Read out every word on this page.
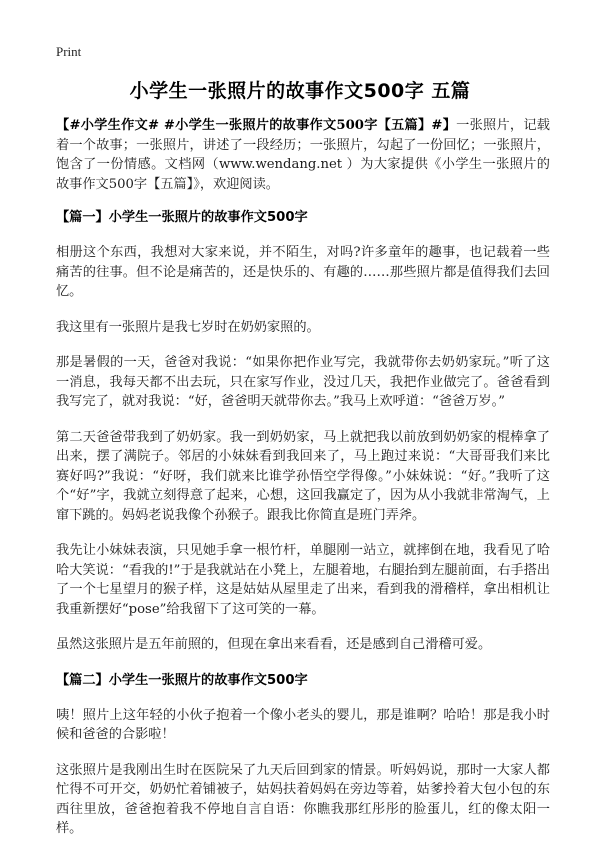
Print
小学生一张照片的故事作文500字 五篇

【#小学生作文# #小学生一张照片的故事作文500字【五篇】#】一张照片，记载着一个故事；一张照片，讲述了一段经历；一张照片，勾起了一份回忆；一张照片，饱含了一份情感。文档网（www.wendang.net ）为大家提供《小学生一张照片的故事作文500字【五篇】》，欢迎阅读。

【篇一】小学生一张照片的故事作文500字

相册这个东西，我想对大家来说，并不陌生，对吗?许多童年的趣事，也记载着一些痛苦的往事。但不论是痛苦的，还是快乐的、有趣的……那些照片都是值得我们去回忆。

我这里有一张照片是我七岁时在奶奶家照的。

那是暑假的一天，爸爸对我说：“如果你把作业写完，我就带你去奶奶家玩。”听了这一消息，我每天都不出去玩，只在家写作业，没过几天，我把作业做完了。爸爸看到我写完了，就对我说：“好，爸爸明天就带你去。”我马上欢呼道：“爸爸万岁。”

第二天爸爸带我到了奶奶家。我一到奶奶家，马上就把我以前放到奶奶家的棍棒拿了出来，摆了满院子。邻居的小妹妹看到我回来了，马上跑过来说：“大哥哥我们来比赛好吗?”我说：“好呀，我们就来比谁学孙悟空学得像。”小妹妹说：“好。”我听了这个“好”字，我就立刻得意了起来，心想，这回我赢定了，因为从小我就非常淘气，上窜下跳的。妈妈老说我像个孙猴子。跟我比你简直是班门弄斧。

我先让小妹妹表演，只见她手拿一根竹杆，单腿刚一站立，就摔倒在地，我看见了哈哈大笑说：“看我的!”于是我就站在小凳上，左腿着地，右腿抬到左腿前面，右手搭出了一个七星望月的猴子样，这是姑姑从屋里走了出来，看到我的滑稽样，拿出相机让我重新摆好“pose”给我留下了这可笑的一幕。

虽然这张照片是五年前照的，但现在拿出来看看，还是感到自己滑稽可爱。

【篇二】小学生一张照片的故事作文500字

咦！照片上这年轻的小伙子抱着一个像小老头的婴儿，那是谁啊？哈哈！那是我小时候和爸爸的合影啦！

这张照片是我刚出生时在医院呆了九天后回到家的情景。听妈妈说，那时一大家人都忙得不可开交，奶奶忙着铺被子，姑妈扶着妈妈在旁边等着，姑爹拎着大包小包的东西往里放，爸爸抱着我不停地自言自语：你瞧我那红彤彤的脸蛋儿，红的像太阳一样。
